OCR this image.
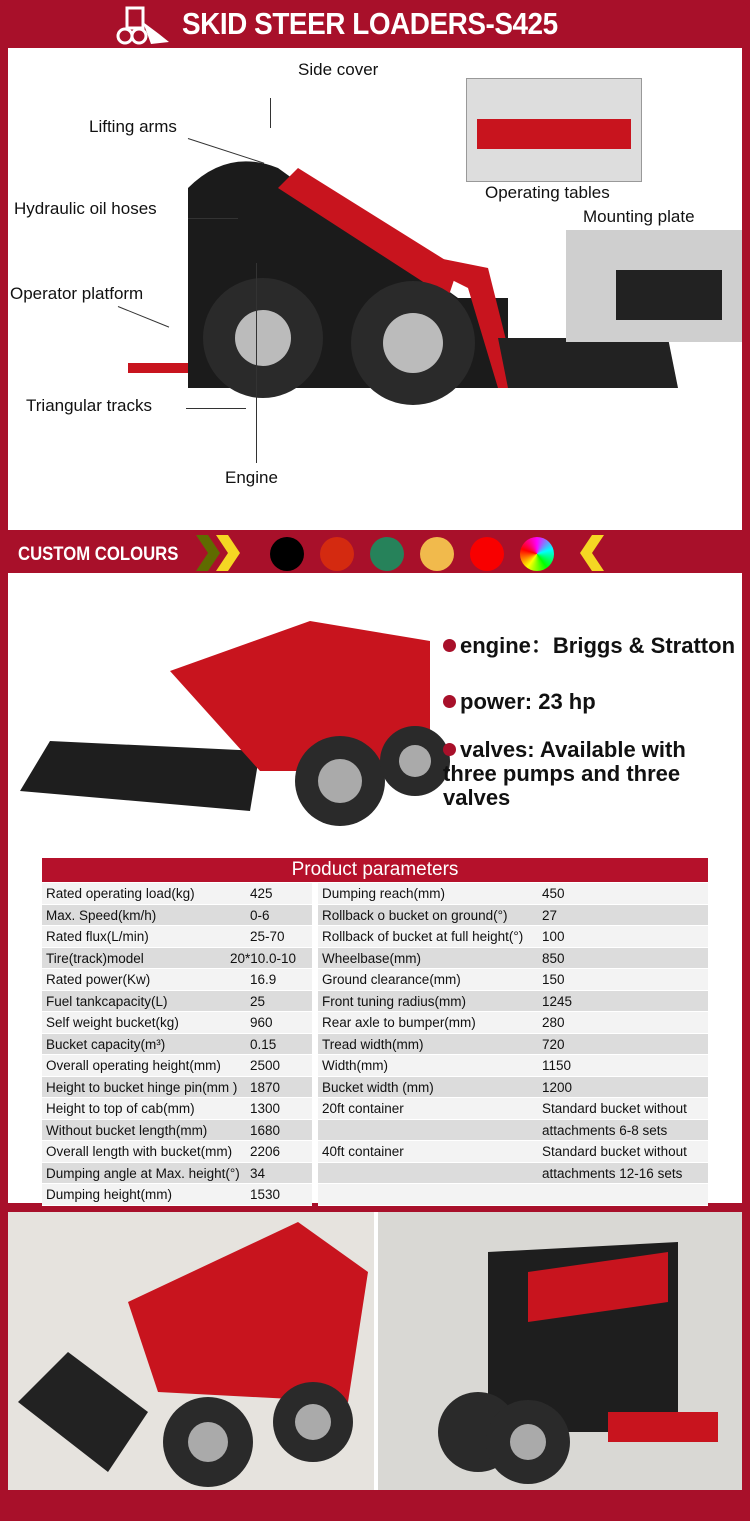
SKID STEER LOADERS-S425
Side cover
Lifting arms
Operating tables
Hydraulic oil hoses	Mounting plate
Operator platform
Triangular tracks
Engine
CUSTOM COLOURS
engine：Briggs & Stratton
power: 23 hp
valves: Available with three pumps and three valves
Product parameters
Rated operating load(kg)	425
Max. Speed(km/h)	0-6
Rated flux(L/min)	25-70
Tire(track)model	20*10.0-10
Rated power(Kw)	16.9
Fuel tankcapacity(L)	25
Self weight bucket(kg)	960
Bucket capacity(m³)	0.15
Overall operating height(mm)	2500
Height to bucket hinge pin(mm ) 1870
Height to top of cab(mm)	1300
Without bucket length(mm)	1680
Overall length with bucket(mm)	2206
Dumping angle at Max. height(°) 34
Dumping height(mm)	1530
Dumping reach(mm)	450
Rollback o bucket on ground(°)	27
Rollback of bucket at full height(°)	100
Wheelbase(mm)	850
Ground clearance(mm)	150
Front tuning radius(mm)	1245
Rear axle to bumper(mm)	280
Tread width(mm)	720
Width(mm)	1150
Bucket width (mm)	1200
20ft container	Standard bucket without
attachments 6-8 sets
40ft container	Standard bucket without
attachments 12-16 sets
